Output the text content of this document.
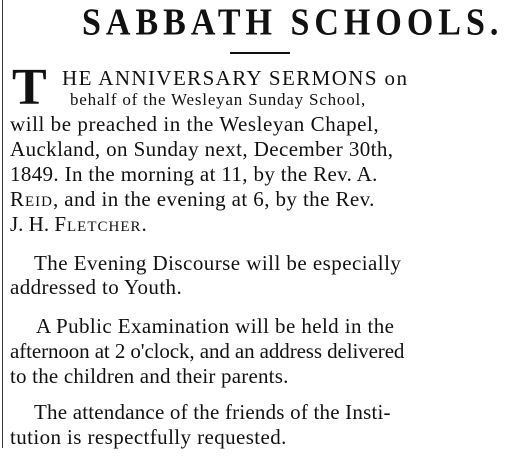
SABBATH SCHOOLS.
T HE ANNIVERSARY SERMONS on
behalf of the Wesleyan Sunday School,
will be preached in the Wesleyan Chapel,
Auckland, on Sunday next, December 30th,
1849. In the morning at 11, by the Rev. A.
Reid, and in the evening at 6, by the Rev.
J. H. Fletcher.
The Evening Discourse will be especially
addressed to Youth.
A Public Examination will be held in the
afternoon at 2 o'clock, and an address delivered
to the children and their parents.
The attendance of the friends of the Insti-
tution is respectfully requested.
